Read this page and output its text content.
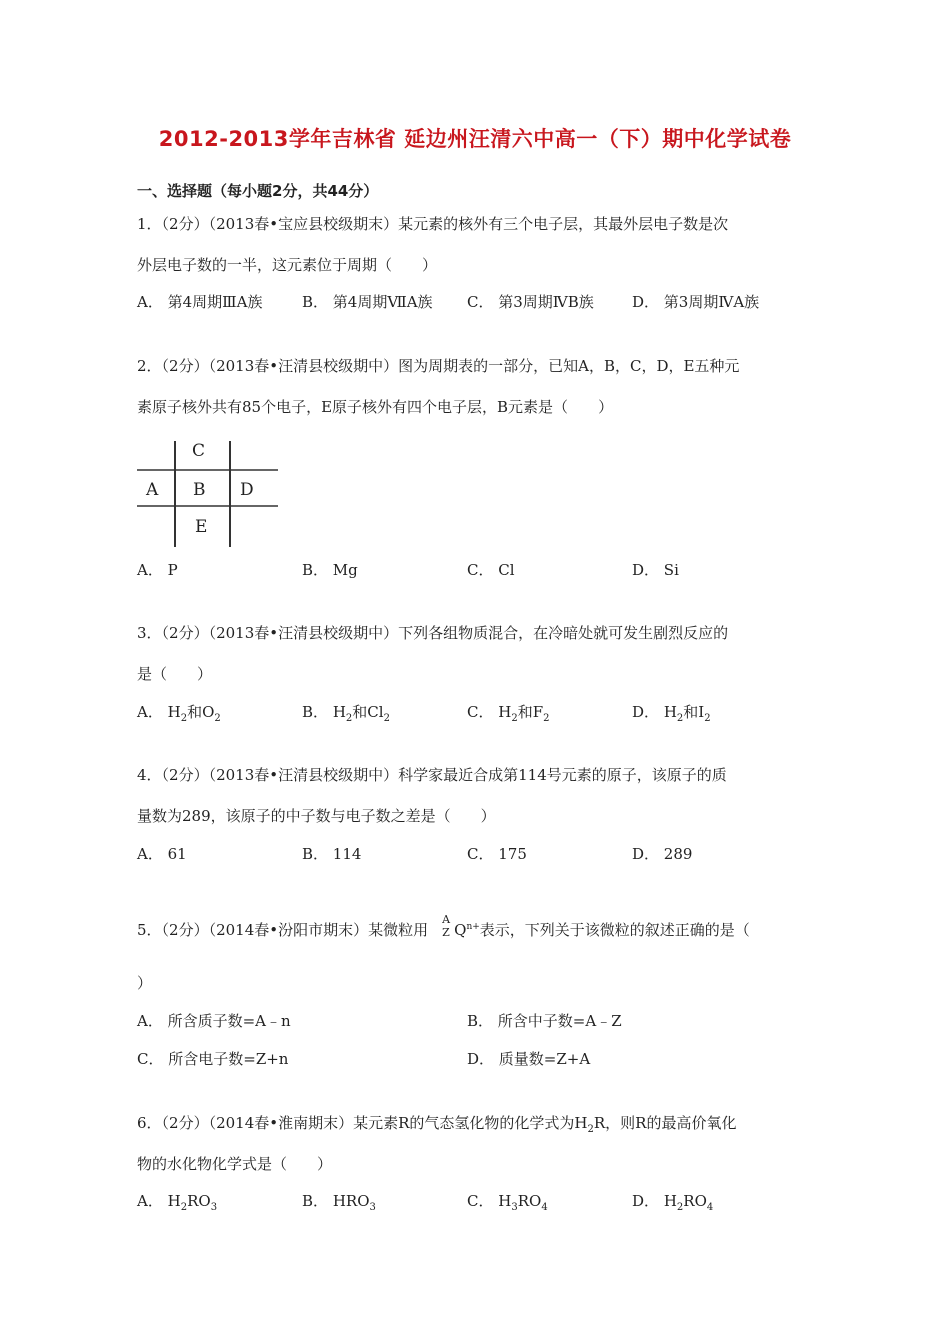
2012-2013学年吉林省 延边州汪清六中高一（下）期中化学试卷
一、选择题（每小题2分，共44分）
1．（2分）（2013春•宝应县校级期末）某元素的核外有三个电子层，其最外层电子数是次
外层电子数的一半，这元素位于周期（　　）
A． 第4周期ⅢA族	B． 第4周期ⅦA族 C． 第3周期ⅣB族	D． 第3周期ⅣA族
2．（2分）（2013春•汪清县校级期中）图为周期表的一部分，已知A，B，C，D，E五种元
素原子核外共有85个电子，E原子核外有四个电子层，B元素是（　　）
C
A B D
E
A． P	B． Mg	C． Cl	D． Si
3．（2分）（2013春•汪清县校级期中）下列各组物质混合，在冷暗处就可发生剧烈反应的
是（　　）
A． $H_2$和$O_2$	B． $H_2$和$Cl_2$	C． $H_2$和$F_2$	D． $H_2$和$I_2$
4．（2分）（2013春•汪清县校级期中）科学家最近合成第114号元素的原子，该原子的质
量数为289，该原子的中子数与电子数之差是（　　）
A． 61	B． 114	C． 175	D． 289
5．（2分）（2014春•汾阳市期末）某微粒用
A
Z $Q^{n+}$表示，下列关于该微粒的叙述正确的是（
）
A． 所含质子数=A﹣n	B． 所含中子数=A﹣Z
C． 所含电子数=Z+n	D． 质量数=Z+A
6．（2分）（2014春•淮南期末）某元素R的气态氢化物的化学式为$H_2R$，则R的最高价氧化
物的水化物化学式是（　　）
A． $H_2RO_3$	B． $HRO_3$	C． $H_3RO_4$	D． $H_2RO_4$
